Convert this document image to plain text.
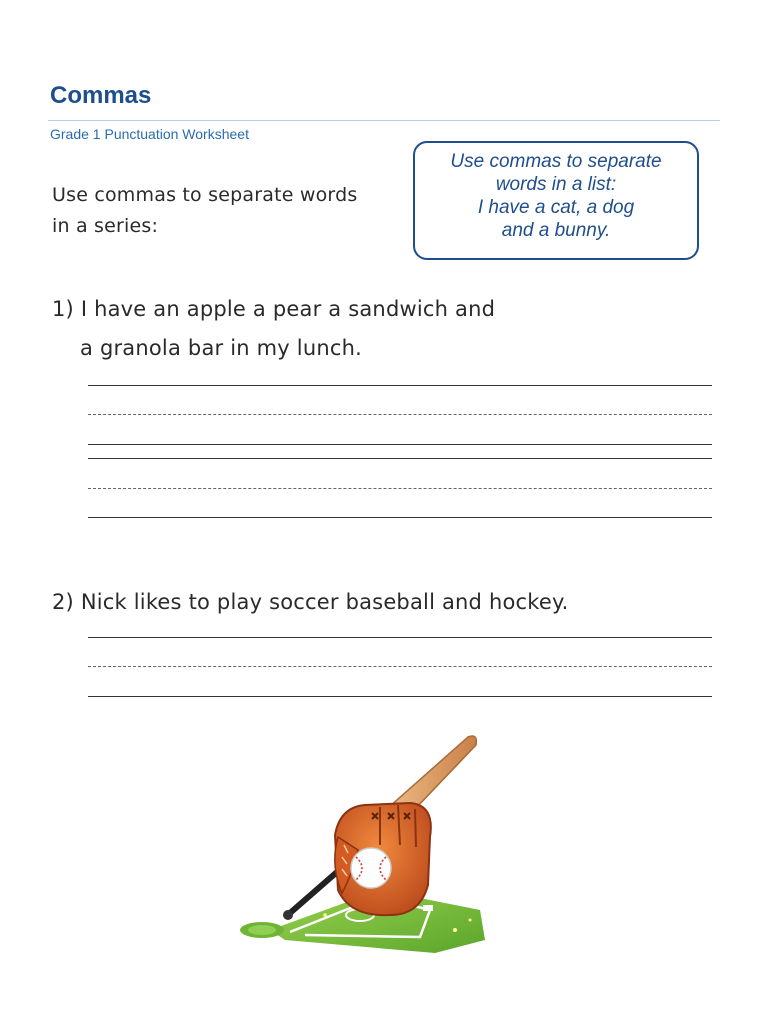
Commas
Grade 1 Punctuation Worksheet
Use commas to separate words
in a series:
Use commas to separate
words in a list:
I have a cat, a dog
and a bunny.
1) I have an apple a pear a sandwich and
a granola bar in my lunch.
2) Nick likes to play soccer baseball and hockey.
